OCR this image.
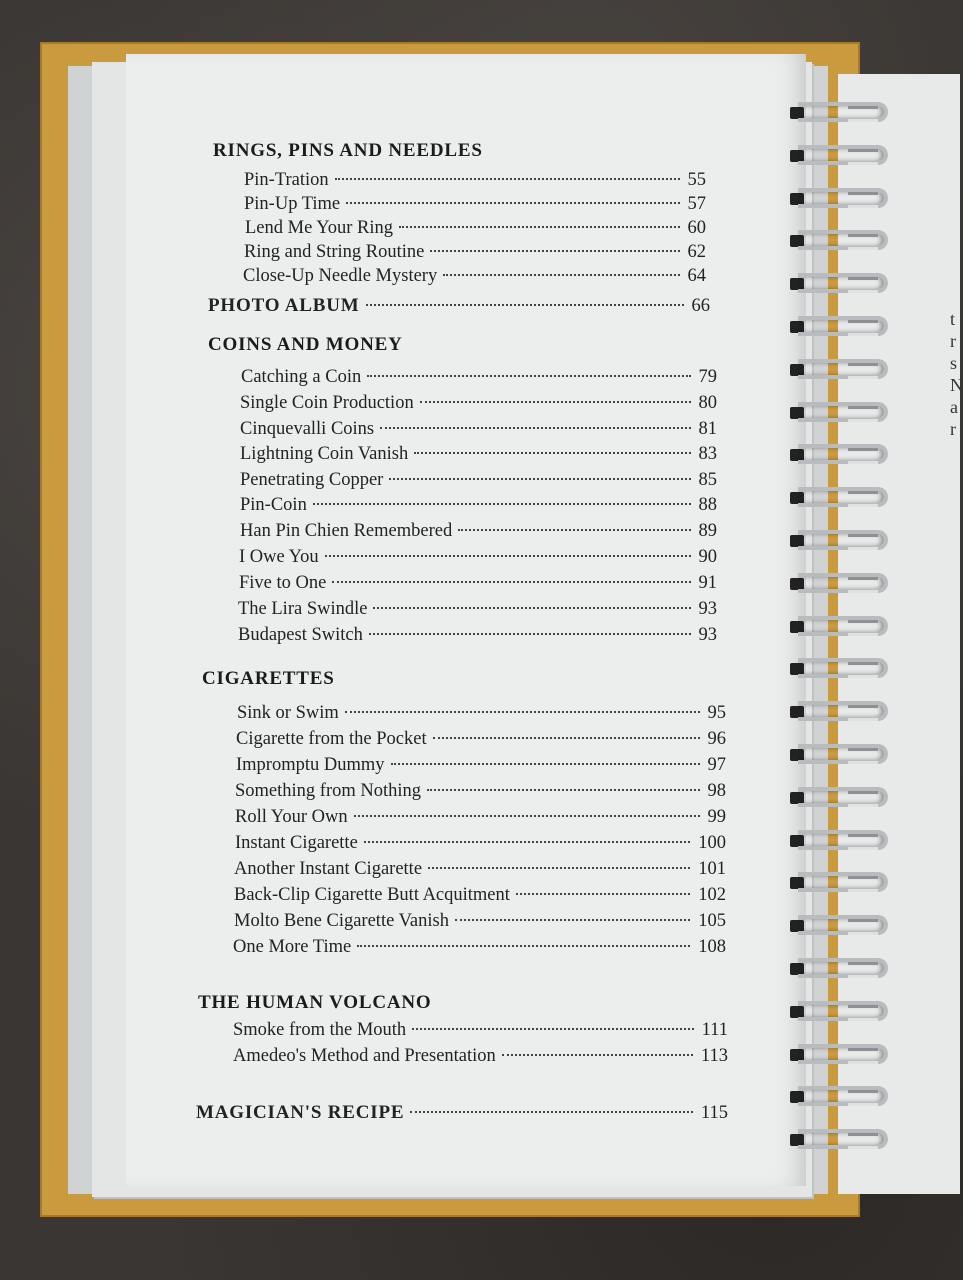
t
r
s
N
a
r
RINGS, PINS AND NEEDLES
Pin-Tration	55
Pin-Up Time	57
Lend Me Your Ring	60
Ring and String Routine	62
Close-Up Needle Mystery	64
PHOTO ALBUM	66
COINS AND MONEY
Catching a Coin	79
Single Coin Production	80
Cinquevalli Coins	81
Lightning Coin Vanish	83
Penetrating Copper	85
Pin-Coin	88
Han Pin Chien Remembered	89
I Owe You	90
Five to One	91
The Lira Swindle	93
Budapest Switch	93
CIGARETTES
Sink or Swim	95
Cigarette from the Pocket	96
Impromptu Dummy	97
Something from Nothing	98
Roll Your Own	99
Instant Cigarette	100
Another Instant Cigarette	101
Back-Clip Cigarette Butt Acquitment	102
Molto Bene Cigarette Vanish	105
One More Time	108
THE HUMAN VOLCANO
Smoke from the Mouth	111
Amedeo's Method and Presentation	113
MAGICIAN'S RECIPE	115
